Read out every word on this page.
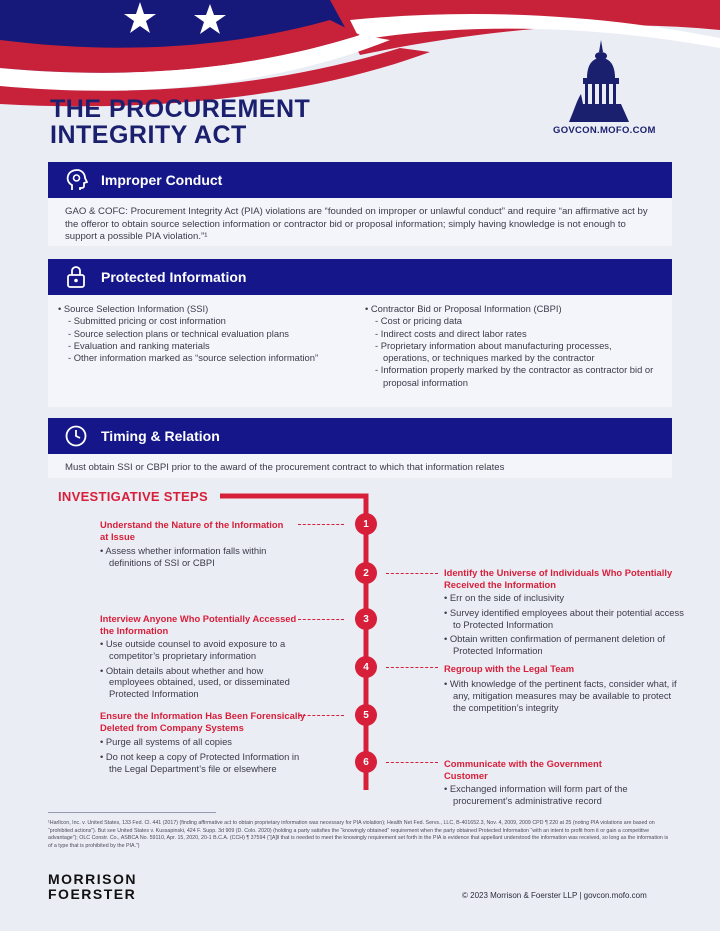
THE PROCUREMENT
INTEGRITY ACT	GOVCON.MOFO.COM
Improper Conduct

GAO & COFC: Procurement Integrity Act (PIA) violations are “founded on improper or unlawful conduct” and require “an affirmative act by the offeror to obtain source selection information or contractor bid or proposal information; simply having knowledge is not enough to support a possible PIA violation.”¹

Protected Information
• Source Selection Information (SSI)
- Submitted pricing or cost information
- Source selection plans or technical evaluation plans
- Evaluation and ranking materials
- Other information marked as “source selection information”
• Contractor Bid or Proposal Information (CBPI)
- Cost or pricing data
- Indirect costs and direct labor rates
- Proprietary information about manufacturing processes, operations, or techniques marked by the contractor
- Information properly marked by the contractor as contractor bid or proposal information
Timing & Relation

Must obtain SSI or CBPI prior to the award of the procurement contract to which that information relates

INVESTIGATIVE STEPS
1
Understand the Nature of the Information at Issue
• Assess whether information falls within definitions of SSI or CBPI
2	Identify the Universe of Individuals Who Potentially Received the Information
• Err on the side of inclusivity
• Survey identified employees about their potential access to Protected Information
• Obtain written confirmation of permanent deletion of Protected Information
3
Interview Anyone Who Potentially Accessed the Information
• Use outside counsel to avoid exposure to a competitor’s proprietary information
• Obtain details about whether and how employees obtained, used, or disseminated Protected Information
4	Regroup with the Legal Team
• With knowledge of the pertinent facts, consider what, if any, mitigation measures may be available to protect the competition’s integrity
5
Ensure the Information Has Been Forensically Deleted from Company Systems
• Purge all systems of all copies
• Do not keep a copy of Protected Information in the Legal Department’s file or elsewhere
6	Communicate with the Government Customer
• Exchanged information will form part of the procurement’s administrative record
¹Harllcon, Inc. v. United States, 133 Fed. Cl. 441 (2017) (finding affirmative act to obtain proprietary information was necessary for PIA violation); Health Net Fed. Servs., LLC, B-401652.3, Nov. 4, 2009, 2009 CPD ¶ 220 at 25 (noting PIA violations are based on “prohibited actions”). But see United States v. Kussapinski, 424 F. Supp. 3d 909 (D. Colo. 2020) (holding a party satisfies the “knowingly obtained” requirement when the party obtained Protected Information “with an intent to profit from it or gain a competitive advantage”); OLC Constr. Co., ASBCA No. 59110, Apr. 15, 2020, 20-1 B.C.A. (CCH) ¶ 37594 (“[A]ll that is needed to meet the knowingly requirement set forth in the PIA is evidence that appellant understood the information was received, so long as the information is of a type that is prohibited by the PIA.”)
MORRISON
FOERSTER	© 2023 Morrison & Foerster LLP | govcon.mofo.com
